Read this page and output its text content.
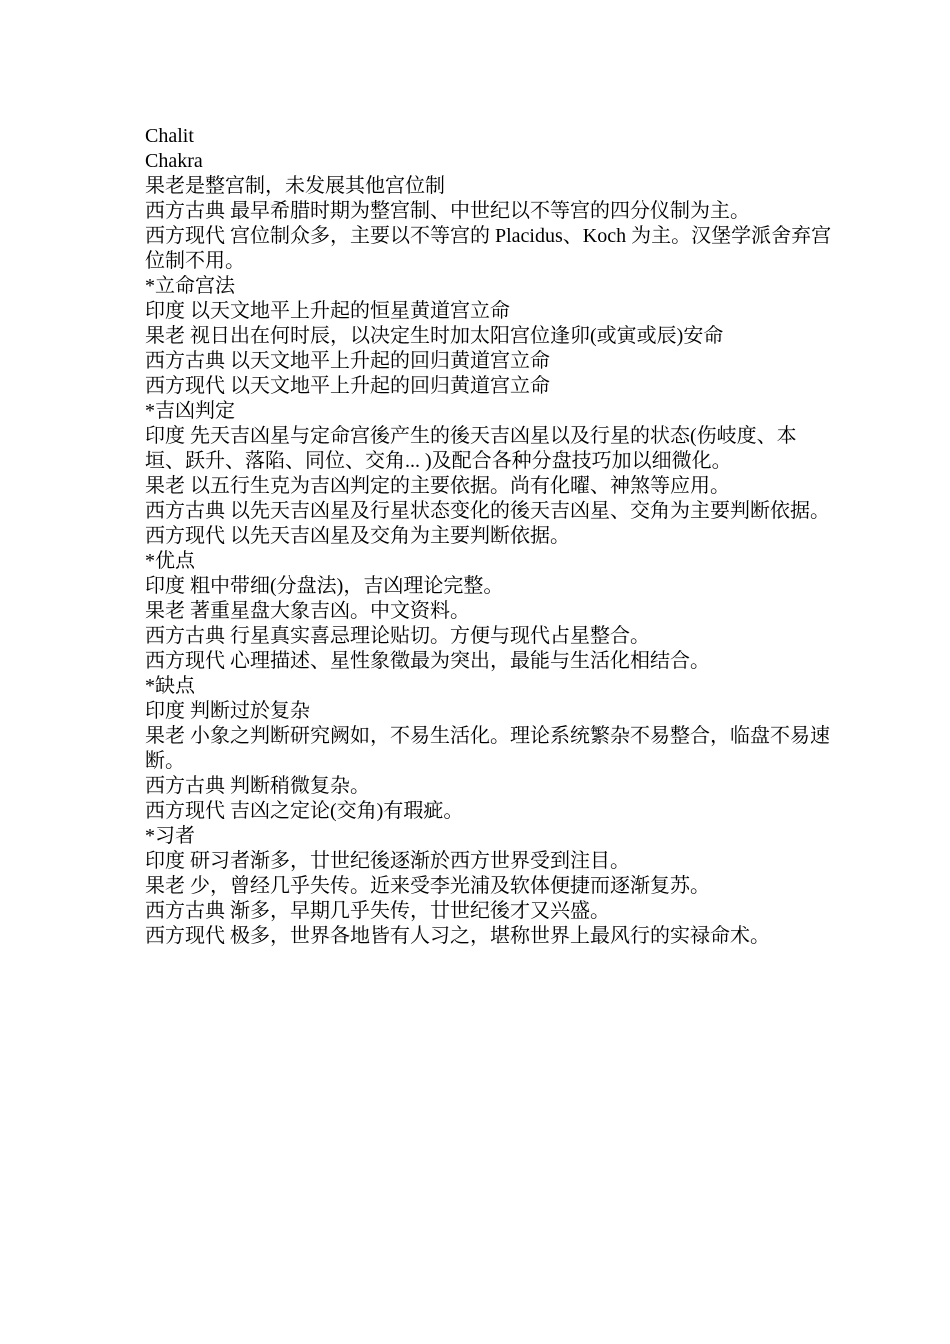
Chalit

Chakra

果老是整宫制，未发展其他宫位制

西方古典 最早希腊时期为整宫制、中世纪以不等宫的四分仪制为主。

西方现代 宫位制众多，主要以不等宫的 Placidus、Koch 为主。汉堡学派舍弃宫位制不用。

*立命宫法

印度 以天文地平上升起的恒星黄道宫立命

果老 视日出在何时辰，以决定生时加太阳宫位逢卯(或寅或辰)安命

西方古典 以天文地平上升起的回归黄道宫立命

西方现代 以天文地平上升起的回归黄道宫立命

*吉凶判定

印度 先天吉凶星与定命宫後产生的後天吉凶星以及行星的状态(伤岐度、本垣、跃升、落陷、同位、交角... )及配合各种分盘技巧加以细微化。

果老 以五行生克为吉凶判定的主要依据。尚有化曜、神煞等应用。

西方古典 以先天吉凶星及行星状态变化的後天吉凶星、交角为主要判断依据。

西方现代 以先天吉凶星及交角为主要判断依据。

*优点

印度 粗中带细(分盘法)，吉凶理论完整。

果老 著重星盘大象吉凶。中文资料。

西方古典 行星真实喜忌理论贴切。方便与现代占星整合。

西方现代 心理描述、星性象徵最为突出，最能与生活化相结合。

*缺点

印度 判断过於复杂

果老 小象之判断研究阙如，不易生活化。理论系统繁杂不易整合，临盘不易速断。

西方古典 判断稍微复杂。

西方现代 吉凶之定论(交角)有瑕疵。

*习者

印度 研习者渐多，廿世纪後逐渐於西方世界受到注目。

果老 少，曾经几乎失传。近来受李光浦及软体便捷而逐渐复苏。

西方古典 渐多，早期几乎失传，廿世纪後才又兴盛。

西方现代 极多，世界各地皆有人习之，堪称世界上最风行的实禄命术。
